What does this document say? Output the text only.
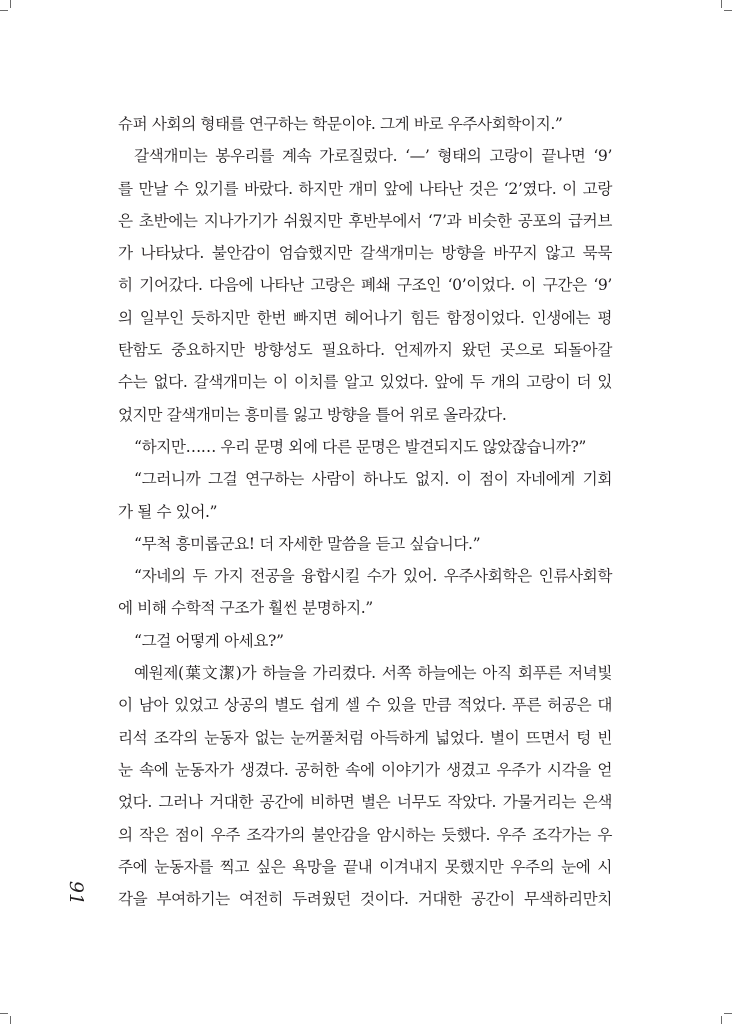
슈퍼 사회의 형태를 연구하는 학문이야. 그게 바로 우주사회학이지.”
갈색개미는 봉우리를 계속 가로질렀다. ‘—’ 형태의 고랑이 끝나면 ‘9’
를 만날 수 있기를 바랐다. 하지만 개미 앞에 나타난 것은 ‘2’였다. 이 고랑
은 초반에는 지나가기가 쉬웠지만 후반부에서 ‘7’과 비슷한 공포의 급커브
가 나타났다. 불안감이 엄습했지만 갈색개미는 방향을 바꾸지 않고 묵묵
히 기어갔다. 다음에 나타난 고랑은 폐쇄 구조인 ‘0’이었다. 이 구간은 ‘9’
의 일부인 듯하지만 한번 빠지면 헤어나기 힘든 함정이었다. 인생에는 평
탄함도 중요하지만 방향성도 필요하다. 언제까지 왔던 곳으로 되돌아갈
수는 없다. 갈색개미는 이 이치를 알고 있었다. 앞에 두 개의 고랑이 더 있
었지만 갈색개미는 흥미를 잃고 방향을 틀어 위로 올라갔다.
“하지만…… 우리 문명 외에 다른 문명은 발견되지도 않았잖습니까?”
“그러니까 그걸 연구하는 사람이 하나도 없지. 이 점이 자네에게 기회
가 될 수 있어.”
“무척 흥미롭군요! 더 자세한 말씀을 듣고 싶습니다.”
“자네의 두 가지 전공을 융합시킬 수가 있어. 우주사회학은 인류사회학
에 비해 수학적 구조가 훨씬 분명하지.”
“그걸 어떻게 아세요?”
예원제(葉文潔)가 하늘을 가리켰다. 서쪽 하늘에는 아직 회푸른 저녁빛
이 남아 있었고 상공의 별도 쉽게 셀 수 있을 만큼 적었다. 푸른 허공은 대
리석 조각의 눈동자 없는 눈꺼풀처럼 아득하게 넓었다. 별이 뜨면서 텅 빈
눈 속에 눈동자가 생겼다. 공허한 속에 이야기가 생겼고 우주가 시각을 얻
었다. 그러나 거대한 공간에 비하면 별은 너무도 작았다. 가물거리는 은색
의 작은 점이 우주 조각가의 불안감을 암시하는 듯했다. 우주 조각가는 우
주에 눈동자를 찍고 싶은 욕망을 끝내 이겨내지 못했지만 우주의 눈에 시
각을 부여하기는 여전히 두려웠던 것이다. 거대한 공간이 무색하리만치
91
